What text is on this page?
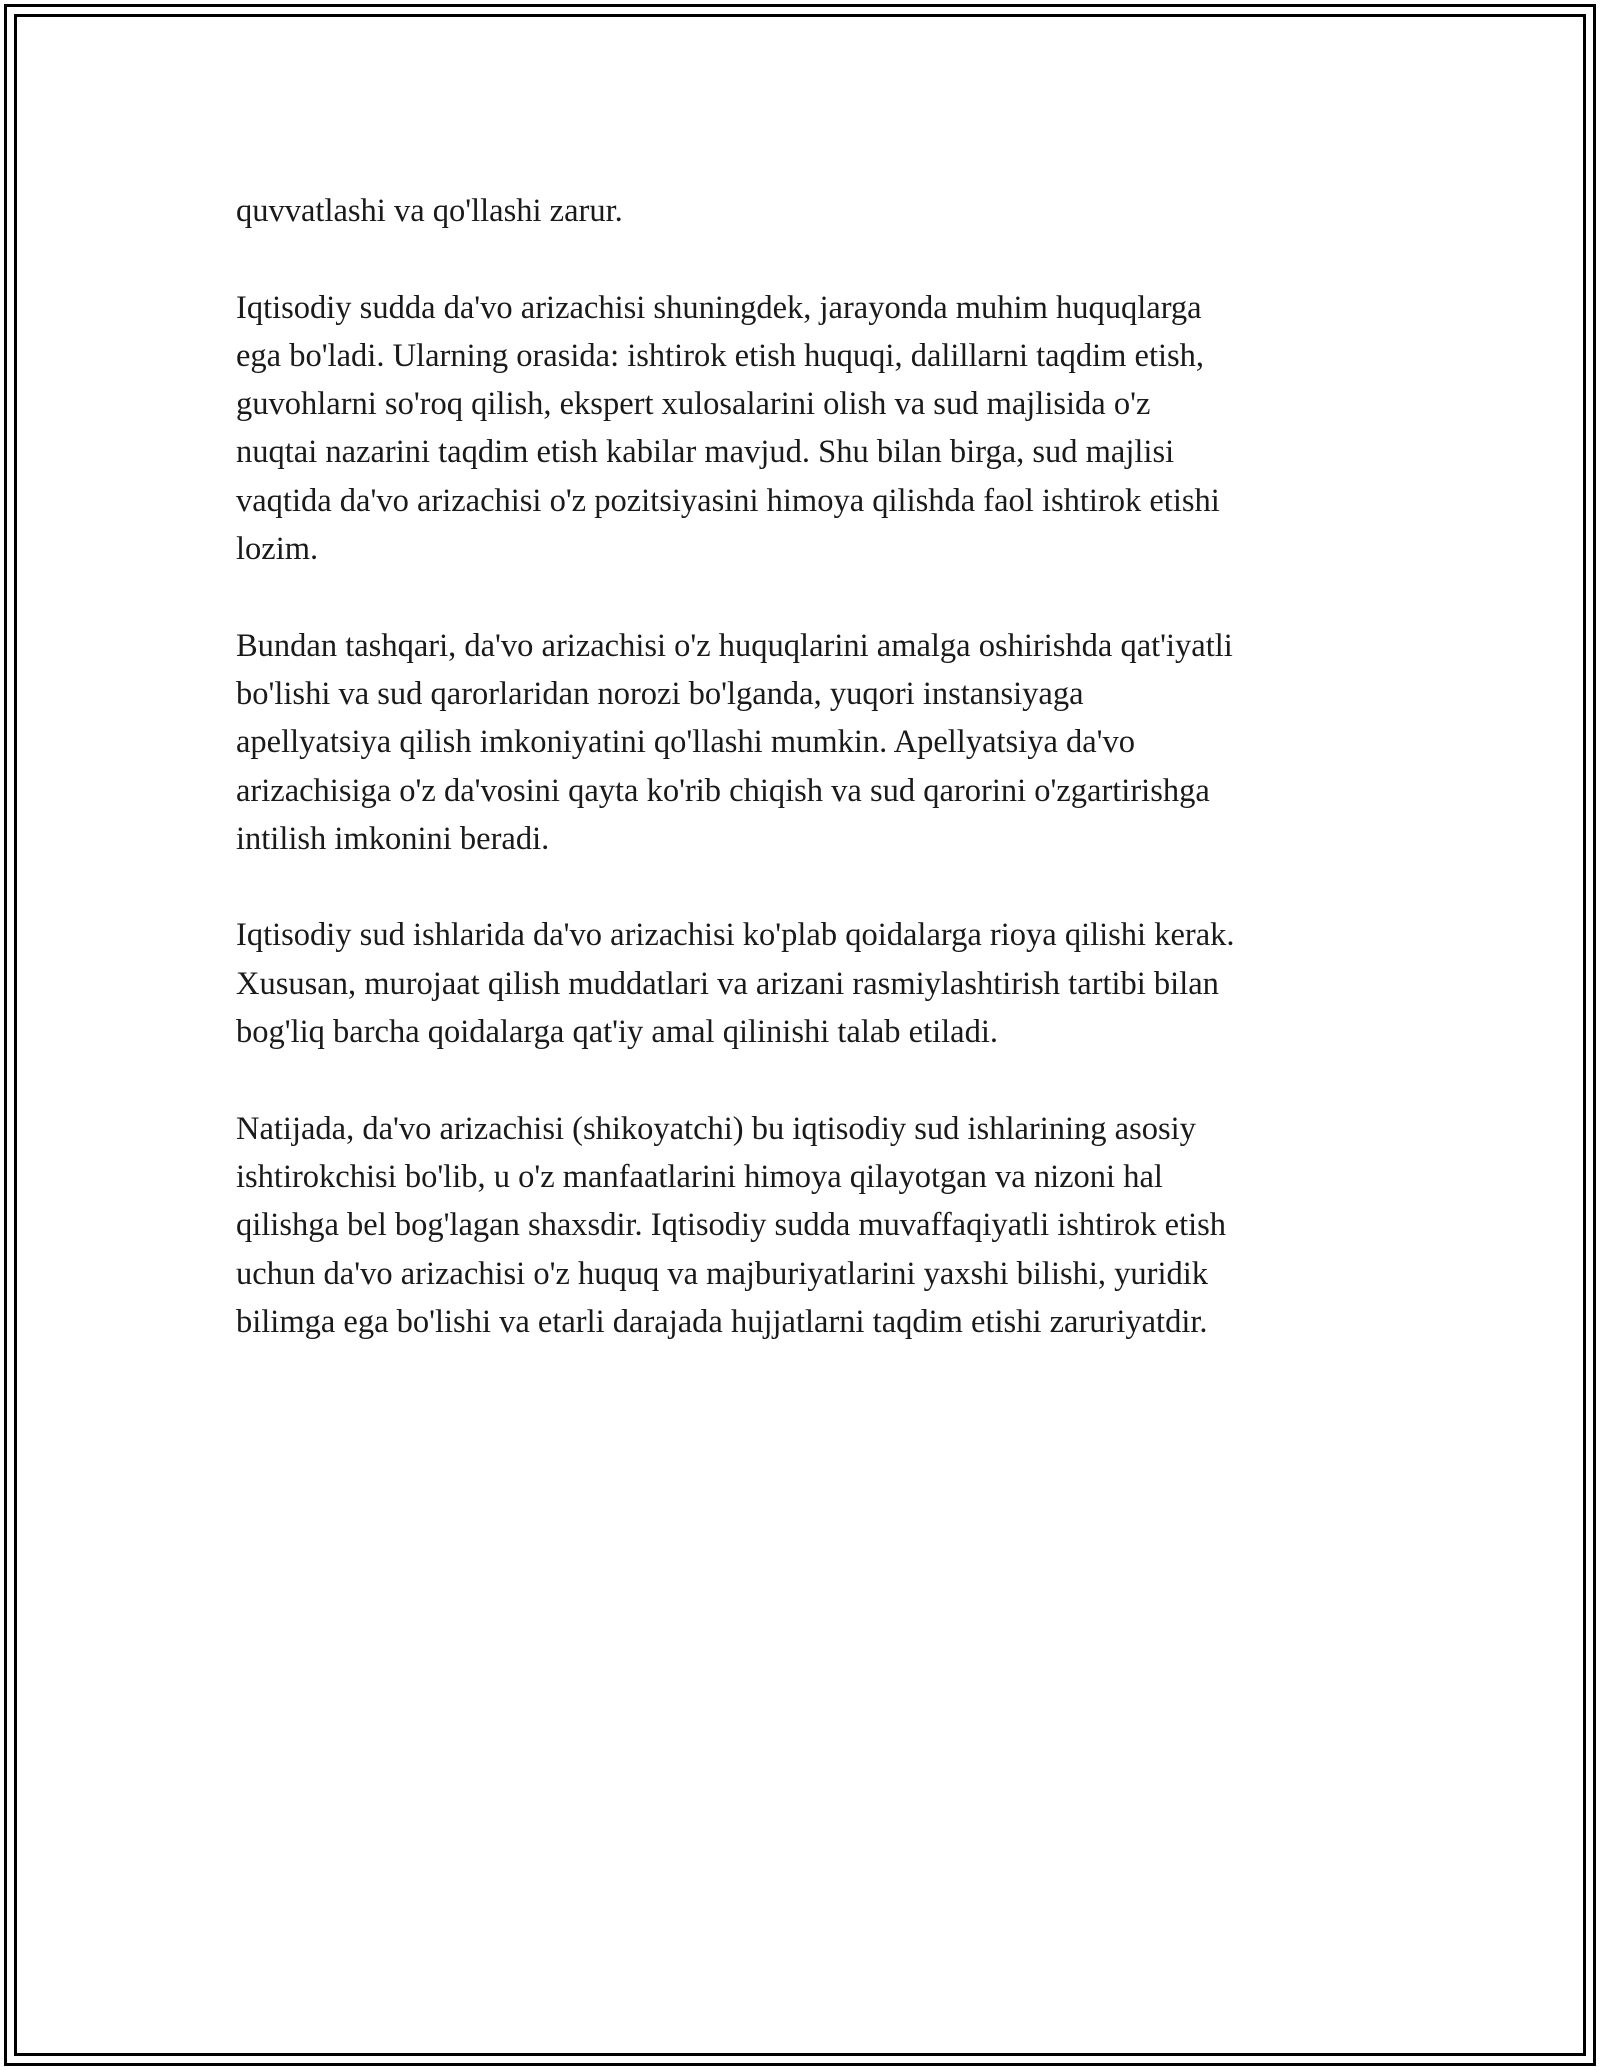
quvvatlashi va qo'llashi zarur.

Iqtisodiy sudda da'vo arizachisi shuningdek, jarayonda muhim huquqlarga
ega bo'ladi. Ularning orasida: ishtirok etish huquqi, dalillarni taqdim etish,
guvohlarni so'roq qilish, ekspert xulosalarini olish va sud majlisida o'z
nuqtai nazarini taqdim etish kabilar mavjud. Shu bilan birga, sud majlisi
vaqtida da'vo arizachisi o'z pozitsiyasini himoya qilishda faol ishtirok etishi
lozim.

Bundan tashqari, da'vo arizachisi o'z huquqlarini amalga oshirishda qat'iyatli
bo'lishi va sud qarorlaridan norozi bo'lganda, yuqori instansiyaga
apellyatsiya qilish imkoniyatini qo'llashi mumkin. Apellyatsiya da'vo
arizachisiga o'z da'vosini qayta ko'rib chiqish va sud qarorini o'zgartirishga
intilish imkonini beradi.

Iqtisodiy sud ishlarida da'vo arizachisi ko'plab qoidalarga rioya qilishi kerak.
Xususan, murojaat qilish muddatlari va arizani rasmiylashtirish tartibi bilan
bog'liq barcha qoidalarga qat'iy amal qilinishi talab etiladi.

Natijada, da'vo arizachisi (shikoyatchi) bu iqtisodiy sud ishlarining asosiy
ishtirokchisi bo'lib, u o'z manfaatlarini himoya qilayotgan va nizoni hal
qilishga bel bog'lagan shaxsdir. Iqtisodiy sudda muvaffaqiyatli ishtirok etish
uchun da'vo arizachisi o'z huquq va majburiyatlarini yaxshi bilishi, yuridik
bilimga ega bo'lishi va etarli darajada hujjatlarni taqdim etishi zaruriyatdir.
